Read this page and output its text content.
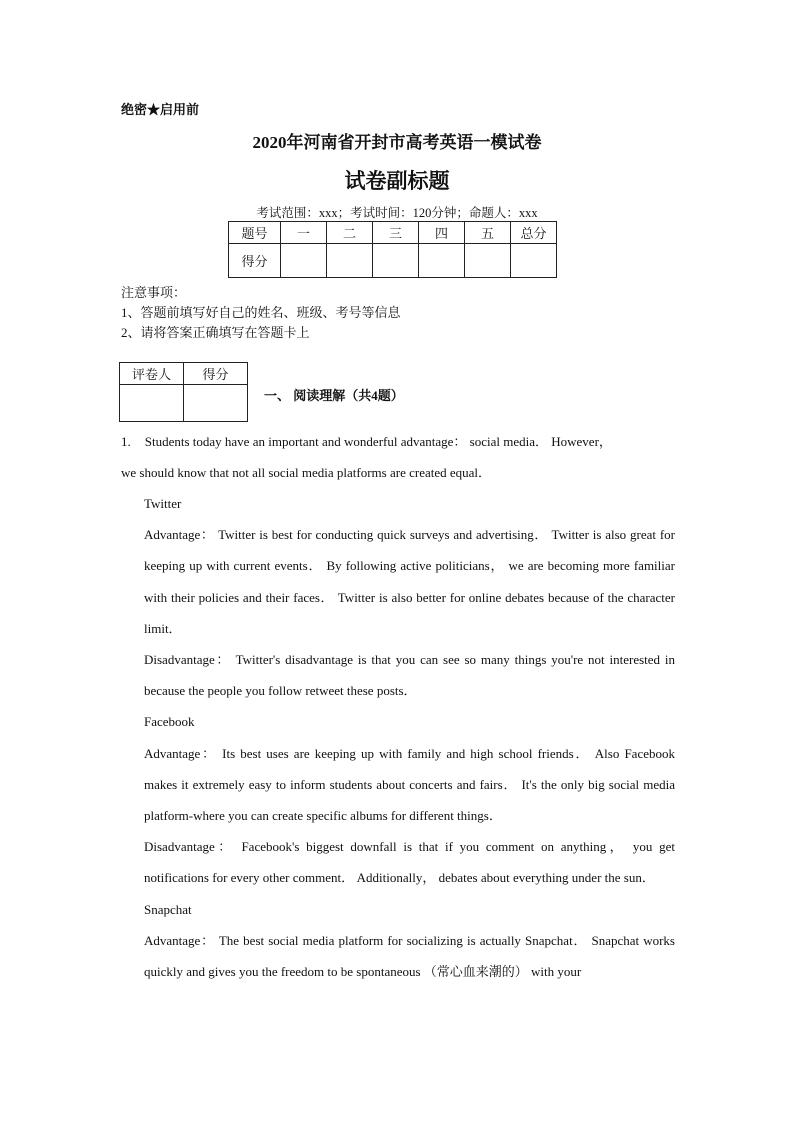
绝密★启用前
2020年河南省开封市高考英语一模试卷
试卷副标题
考试范围：xxx；考试时间：120分钟；命题人：xxx
题号	一	二	三	四	五	总分
得分						
注意事项：
1、答题前填写好自己的姓名、班级、考号等信息
2、请将答案正确填写在答题卡上
评卷人	得分

一、 阅读理解（共4题）
1. Students today have an important and wonderful advantage： social media． However，
we should know that not all social media platforms are created equal．

Twitter

Advantage： Twitter is best for conducting quick surveys and advertising． Twitter is also great for keeping up with current events． By following active politicians， we are becoming more familiar with their policies and their faces． Twitter is also better for online debates because of the character limit．

Disadvantage： Twitter's disadvantage is that you can see so many things you're not interested in because the people you follow retweet these posts．

Facebook

Advantage： Its best uses are keeping up with family and high school friends． Also Facebook makes it extremely easy to inform students about concerts and fairs． It's the only big social media platform-where you can create specific albums for different things．

Disadvantage： Facebook's biggest downfall is that if you comment on anything， you get notifications for every other comment． Additionally， debates about everything under the sun．

Snapchat

Advantage： The best social media platform for socializing is actually Snapchat． Snapchat works quickly and gives you the freedom to be spontaneous （常心血来潮的） with your
